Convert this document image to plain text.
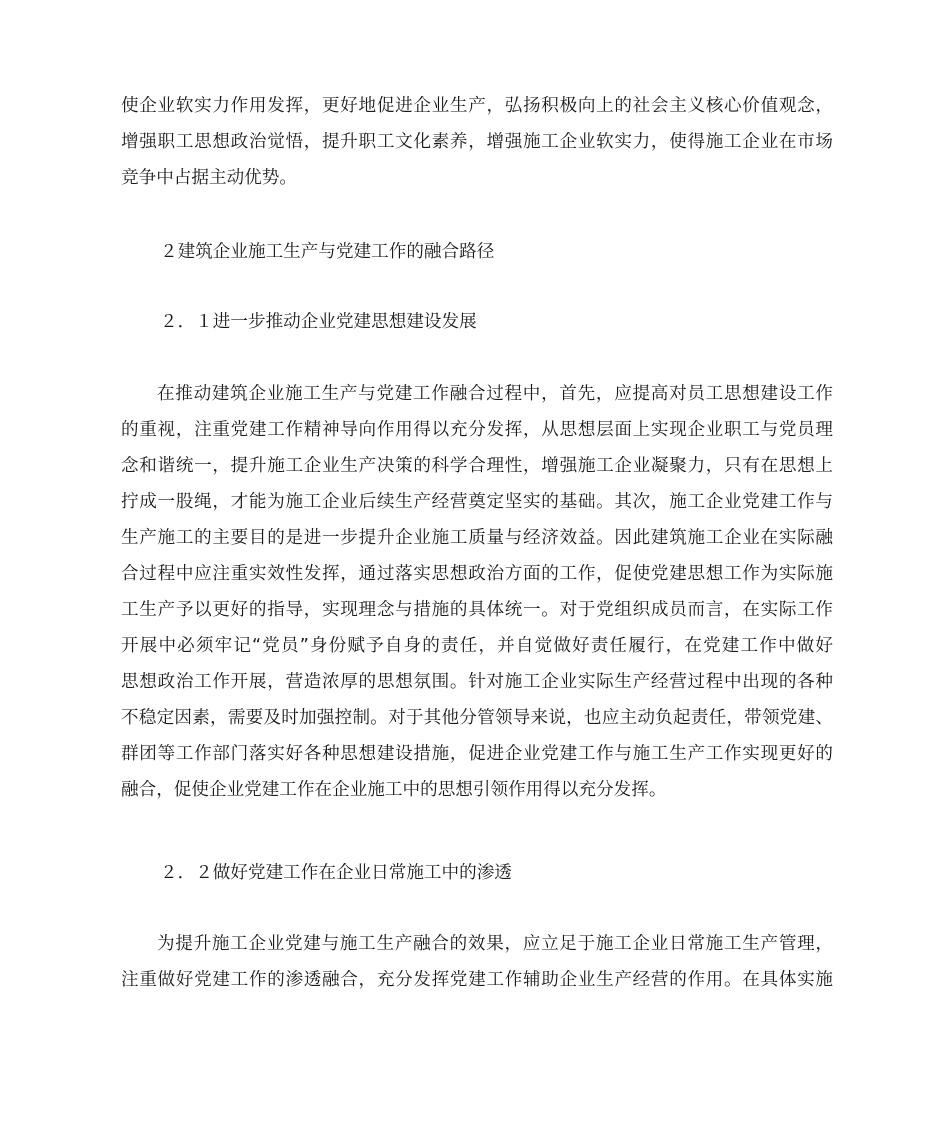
使企业软实力作用发挥，更好地促进企业生产，弘扬积极向上的社会主义核心价值观念，
增强职工思想政治觉悟，提升职工文化素养，增强施工企业软实力，使得施工企业在市场
竞争中占据主动优势。
２建筑企业施工生产与党建工作的融合路径
２．１进一步推动企业党建思想建设发展
在推动建筑企业施工生产与党建工作融合过程中，首先，应提高对员工思想建设工作
的重视，注重党建工作精神导向作用得以充分发挥，从思想层面上实现企业职工与党员理
念和谐统一，提升施工企业生产决策的科学合理性，增强施工企业凝聚力，只有在思想上
拧成一股绳，才能为施工企业后续生产经营奠定坚实的基础。其次，施工企业党建工作与
生产施工的主要目的是进一步提升企业施工质量与经济效益。因此建筑施工企业在实际融
合过程中应注重实效性发挥，通过落实思想政治方面的工作，促使党建思想工作为实际施
工生产予以更好的指导，实现理念与措施的具体统一。对于党组织成员而言，在实际工作
开展中必须牢记“党员”身份赋予自身的责任，并自觉做好责任履行，在党建工作中做好
思想政治工作开展，营造浓厚的思想氛围。针对施工企业实际生产经营过程中出现的各种
不稳定因素，需要及时加强控制。对于其他分管领导来说，也应主动负起责任，带领党建、
群团等工作部门落实好各种思想建设措施，促进企业党建工作与施工生产工作实现更好的
融合，促使企业党建工作在企业施工中的思想引领作用得以充分发挥。
２．２做好党建工作在企业日常施工中的渗透
为提升施工企业党建与施工生产融合的效果，应立足于施工企业日常施工生产管理，
注重做好党建工作的渗透融合，充分发挥党建工作辅助企业生产经营的作用。在具体实施
